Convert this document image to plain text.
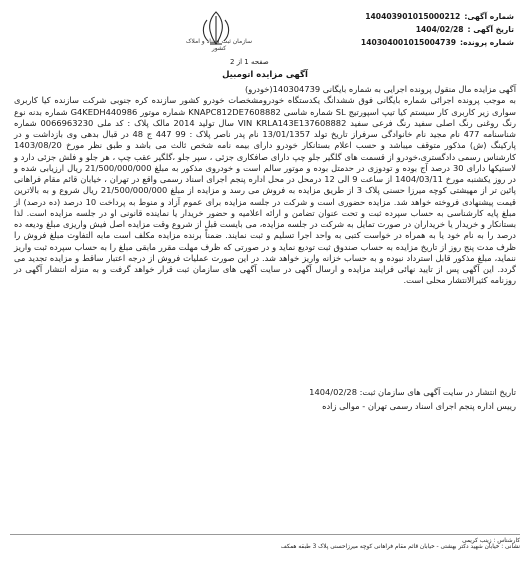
شماره آگهی:
140403901015000212
تاریخ آگهی :
1404/02/28
شماره پرونده:
140304001015004739
صفحه 1 از 2
سازمان ثبت اسناد و املاک کشور
آگهی مزایده اتومبیل

آگهی مزایده مال منقول پرونده اجرایی به شماره بایگانی 140304739(خودرو)

به موجب پرونده اجرائی شماره بایگانی فوق ششدانگ یکدستگاه خودرومشخصات خودرو کشور سازنده کره جنوبی شرکت سازنده کیا کاربری سواری زیر کاربری کار سیستم کیا تیپ اسپورتیج SL شماره شاسی KNAPC812DE7608882 شماره موتور G4KEDH440986 شماره بدنه نوع رنگ روغنی رنگ اصلی سفید رنگ فرعی سفید VIN KRLA143E137608882 سال تولید 2014 مالک پلاک : کد ملی 0066963230 شماره شناسنامه 477 نام مجید نام خانوادگی سرفراز تاریخ تولد 13/01/1357 نام پدر ناصر پلاک : 99 447 ج 48 در قبال بدهی وی بازداشت و در پارکینگ (ش) مذکور متوقف میباشد و حسب اعلام بستانکار خودرو دارای بیمه نامه شخص ثالث می باشد و طبق نظر مورخ 1403/08/20 کارشناس رسمی دادگستری،خودرو از قسمت های گلگیر جلو چپ دارای صافکاری جزئی ، سپر جلو ،گلگیر عقب چپ ، هر جلو و فلش جزئی دارد و لاستیکها دارای 30 درصد آج بوده و تودوزی در حدمتل بوده و موتور سالم است و خودروی مذکور به مبلغ 21/500/000/000 ریال ارزیابی شده و در روز یکشنبه مورخ 1404/03/11 از ساعت 9 الی 12 درمحل در محل اداره پنجم اجرای اسناد رسمی واقع در تهران ، خیابان قائم مقام فراهانی پائین تر از مهیشتی کوچه میرزا حسنی پلاک 3 از طریق مزایده به فروش می رسد و مزایده از مبلغ 21/500/000/000 ریال شروع و به بالاترین قیمت پیشنهادی فروخته خواهد شد. مزایده حضوری است و شرکت در جلسه مزایده برای عموم آزاد و منوط به پرداخت 10 درصد (ده درصد) از مبلغ پایه کارشناسی به حساب سپرده ثبت و تحت عنوان تضامن و ارائه اعلامیه و حضور خریدار یا نماینده قانونی او در جلسه مزایده است. لذا بستانکار و خریدار یا خریداران در صورت تمایل به شرکت در جلسه مزایده، می بایست قبل از شروع وقت مزایده اصل فیش واریزی مبلغ ودیعه ده درصد را به نام خود یا به همراه در خواست کتبی به واحد اجرا تسلیم و ثبت نمایند. ضمناً برنده مزایده مکلف است مابه التفاوت مبلغ فروش را ظرف مدت پنج روز از تاریخ مزایده به حساب صندوق ثبت تودیع نماید و در صورتی که ظرف مهلت مقرر مابقی مبلغ را به حساب سپرده ثبت واریز ننماید، مبلغ مذکور قابل استرداد نبوده و به حساب خزانه واریز خواهد شد. در این صورت عملیات فروش از درجه اعتبار ساقط و مزایده تجدید می گردد. این آگهی پس از تایید نهائی فرایند مزایده و ارسال آگهی در سایت آگهی های سازمان ثبت قرار خواهد گرفت و به منزله انتشار آگهی در روزنامه کثیرالانتشار محلی است.

تاریخ انتشار در سایت آگهی های سازمان ثبت: 1404/02/28
رییس اداره پنجم اجرای اسناد رسمی تهران - موالی زاده
کارشناس : زینب کریمی
نشانی : خیابان شهید دکتر بهشتی - خیابان قائم مقام فراهانی کوچه میرزاحسنی پلاک 3 طبقه همکف
